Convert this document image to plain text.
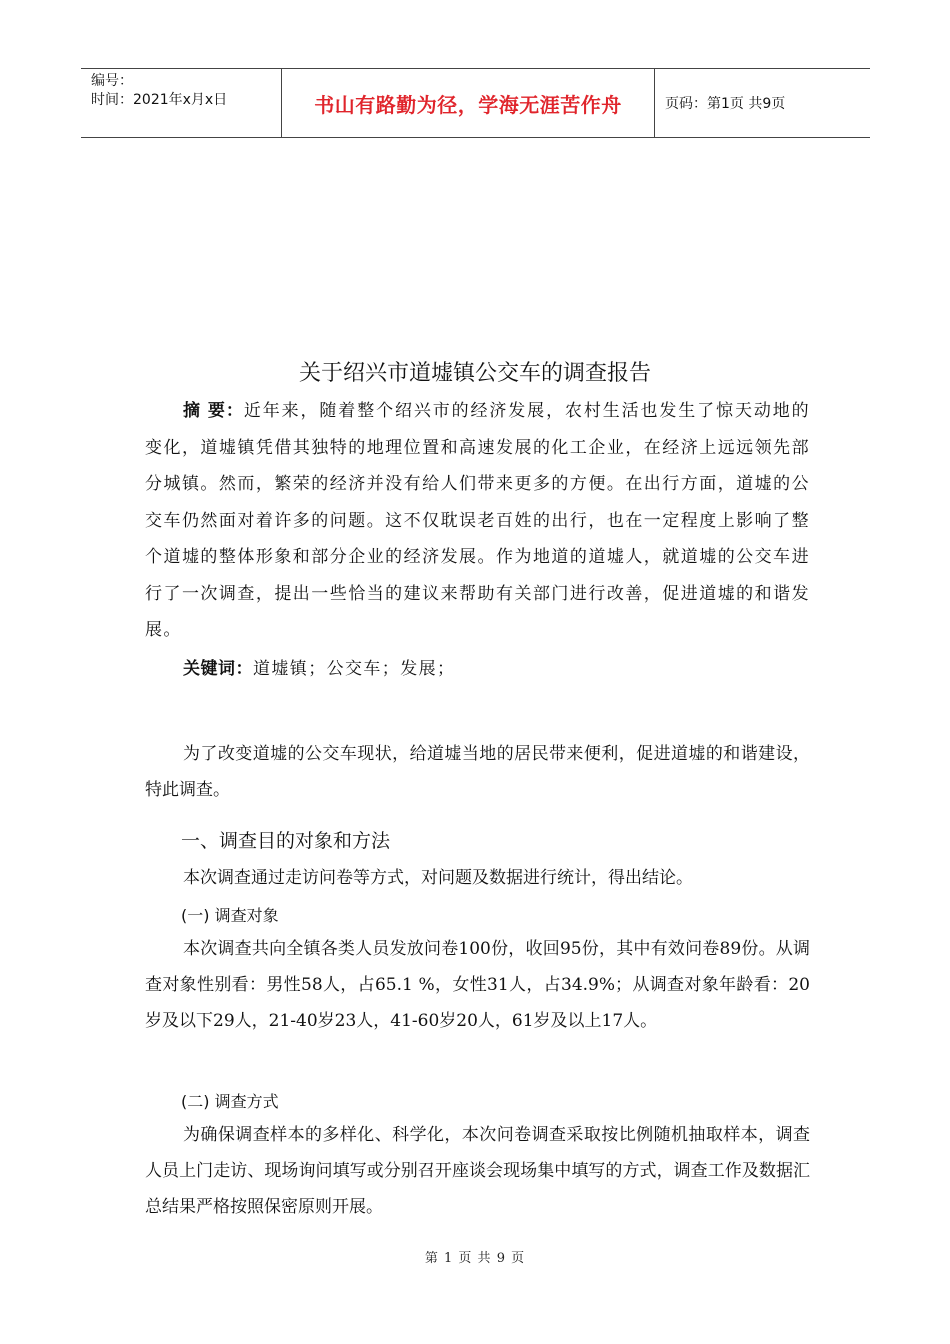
编号：
时间：2021年x月x日	书山有路勤为径，学海无涯苦作舟	页码：第1页 共9页
关于绍兴市道墟镇公交车的调查报告
摘 要：近年来，随着整个绍兴市的经济发展，农村生活也发生了惊天动地的变化，道墟镇凭借其独特的地理位置和高速发展的化工企业，在经济上远远领先部分城镇。然而，繁荣的经济并没有给人们带来更多的方便。在出行方面，道墟的公交车仍然面对着许多的问题。这不仅耽误老百姓的出行，也在一定程度上影响了整个道墟的整体形象和部分企业的经济发展。作为地道的道墟人，就道墟的公交车进行了一次调查，提出一些恰当的建议来帮助有关部门进行改善，促进道墟的和谐发展。
关键词：道墟镇；公交车；发展；
为了改变道墟的公交车现状，给道墟当地的居民带来便利，促进道墟的和谐建设，特此调查。
一、调查目的对象和方法
本次调查通过走访问卷等方式，对问题及数据进行统计，得出结论。
(一) 调查对象
本次调查共向全镇各类人员发放问卷100份，收回95份，其中有效问卷89份。从调查对象性别看：男性58人，占65.1 %，女性31人，占34.9%；从调查对象年龄看：20岁及以下29人，21-40岁23人，41-60岁20人，61岁及以上17人。
(二) 调查方式
为确保调查样本的多样化、科学化，本次问卷调查采取按比例随机抽取样本，调查人员上门走访、现场询问填写或分别召开座谈会现场集中填写的方式，调查工作及数据汇总结果严格按照保密原则开展。
第 1 页 共 9 页
